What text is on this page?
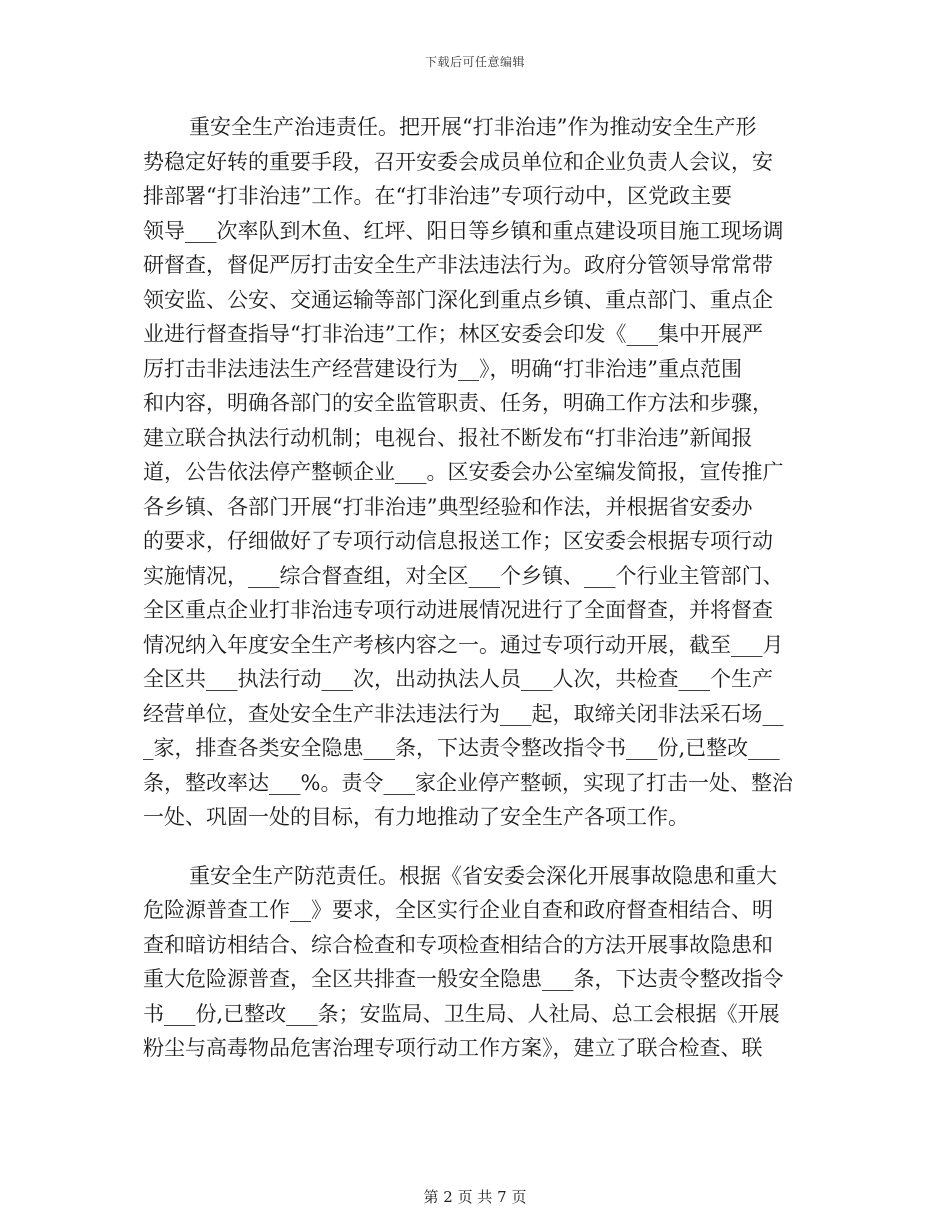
下载后可任意编辑
重安全生产治违责任。把开展“打非治违”作为推动安全生产形
势稳定好转的重要手段，召开安委会成员单位和企业负责人会议，安
排部署“打非治违”工作。在“打非治违”专项行动中，区党政主要
领导___次率队到木鱼、红坪、阳日等乡镇和重点建设项目施工现场调
研督查，督促严厉打击安全生产非法违法行为。政府分管领导常常带
领安监、公安、交通运输等部门深化到重点乡镇、重点部门、重点企
业进行督查指导“打非治违”工作；林区安委会印发《___集中开展严
厉打击非法违法生产经营建设行为__》，明确“打非治违”重点范围
和内容，明确各部门的安全监管职责、任务，明确工作方法和步骤，
建立联合执法行动机制；电视台、报社不断发布“打非治违”新闻报
道，公告依法停产整顿企业___。区安委会办公室编发简报，宣传推广
各乡镇、各部门开展“打非治违”典型经验和作法，并根据省安委办
的要求，仔细做好了专项行动信息报送工作；区安委会根据专项行动
实施情况，___综合督查组，对全区___个乡镇、___个行业主管部门、
全区重点企业打非治违专项行动进展情况进行了全面督查，并将督查
情况纳入年度安全生产考核内容之一。通过专项行动开展，截至___月
全区共___执法行动___次，出动执法人员___人次，共检查___个生产
经营单位，查处安全生产非法违法行为___起，取缔关闭非法采石场__
_家，排查各类安全隐患___条，下达责令整改指令书___份,已整改___
条，整改率达___%。责令___家企业停产整顿，实现了打击一处、整治
一处、巩固一处的目标，有力地推动了安全生产各项工作。
重安全生产防范责任。根据《省安委会深化开展事故隐患和重大
危险源普查工作__》要求，全区实行企业自查和政府督查相结合、明
查和暗访相结合、综合检查和专项检查相结合的方法开展事故隐患和
重大危险源普查，全区共排查一般安全隐患___条，下达责令整改指令
书___份,已整改___条；安监局、卫生局、人社局、总工会根据《开展
粉尘与高毒物品危害治理专项行动工作方案》，建立了联合检查、联
第 2 页 共 7 页
